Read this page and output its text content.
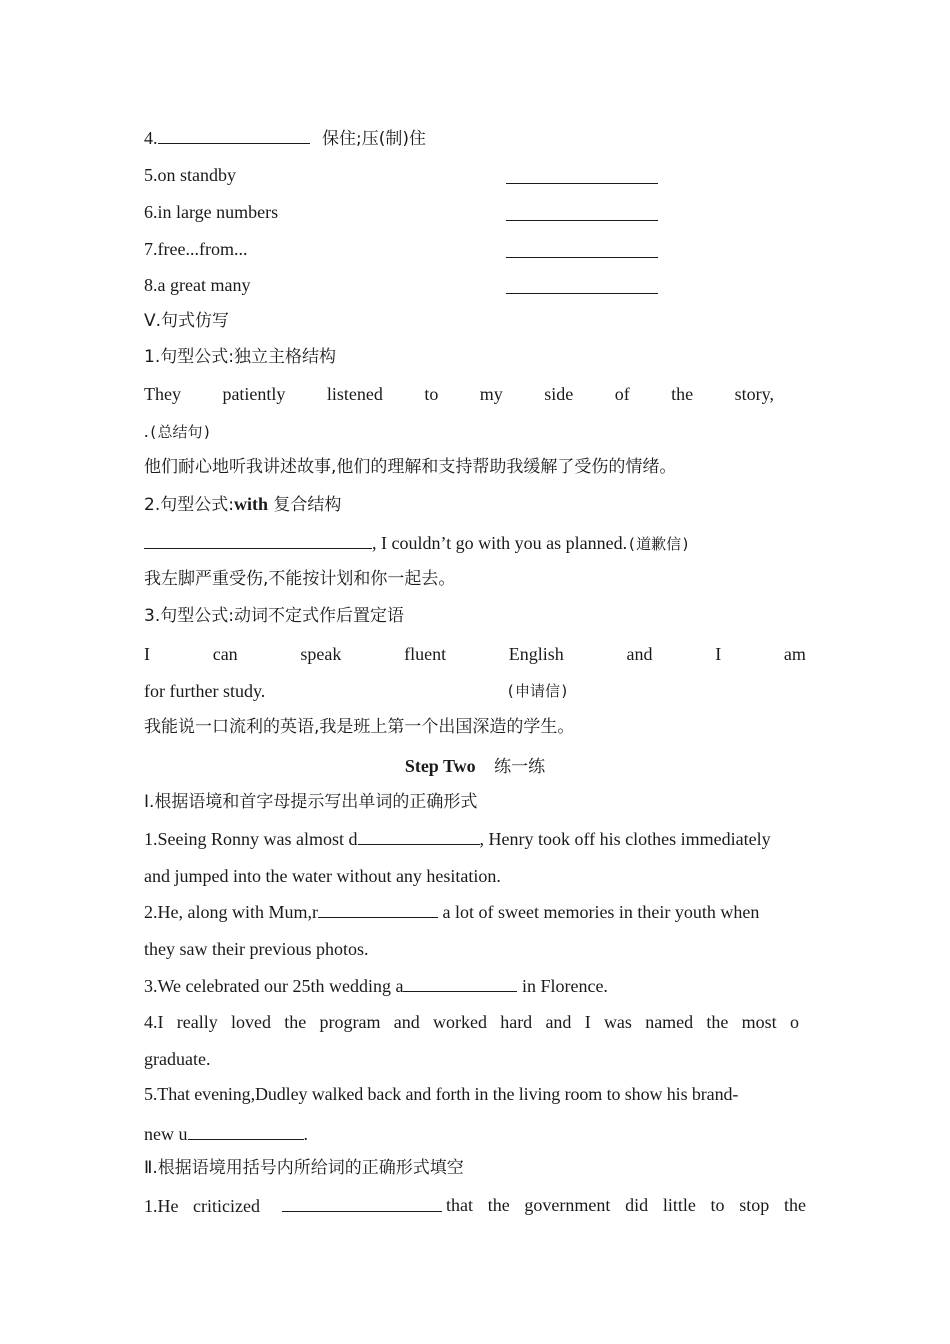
4.	保住;压(制)住
5.on standby
6.in large numbers
7.free...from...
8.a great many
Ⅴ.句式仿写
1.句型公式:独立主格结构
They patiently listened to my side of the story,
.(总结句)
他们耐心地听我讲述故事,他们的理解和支持帮助我缓解了受伤的情绪。
2.句型公式:with 复合结构
, I couldn’t go with you as planned.(道歉信)
我左脚严重受伤,不能按计划和你一起去。
3.句型公式:动词不定式作后置定语
I	can	speak	fluent	English	and	I	am
for further study.	(申请信)
我能说一口流利的英语,我是班上第一个出国深造的学生。
Step Two 练一练
Ⅰ.根据语境和首字母提示写出单词的正确形式
1.Seeing Ronny was almost d	, Henry took off his clothes immediately
and jumped into the water without any hesitation.
2.He, along with Mum,r	a lot of sweet memories in their youth when
they saw their previous photos.
3.We celebrated our 25th wedding a	in Florence.
4.I really loved the program and worked hard and I was named the most o
graduate.
5.That evening,Dudley walked back and forth in the living room to show his brand-
new u	.
Ⅱ.根据语境用括号内所给词的正确形式填空
1.He criticized	that the government did little to stop the
